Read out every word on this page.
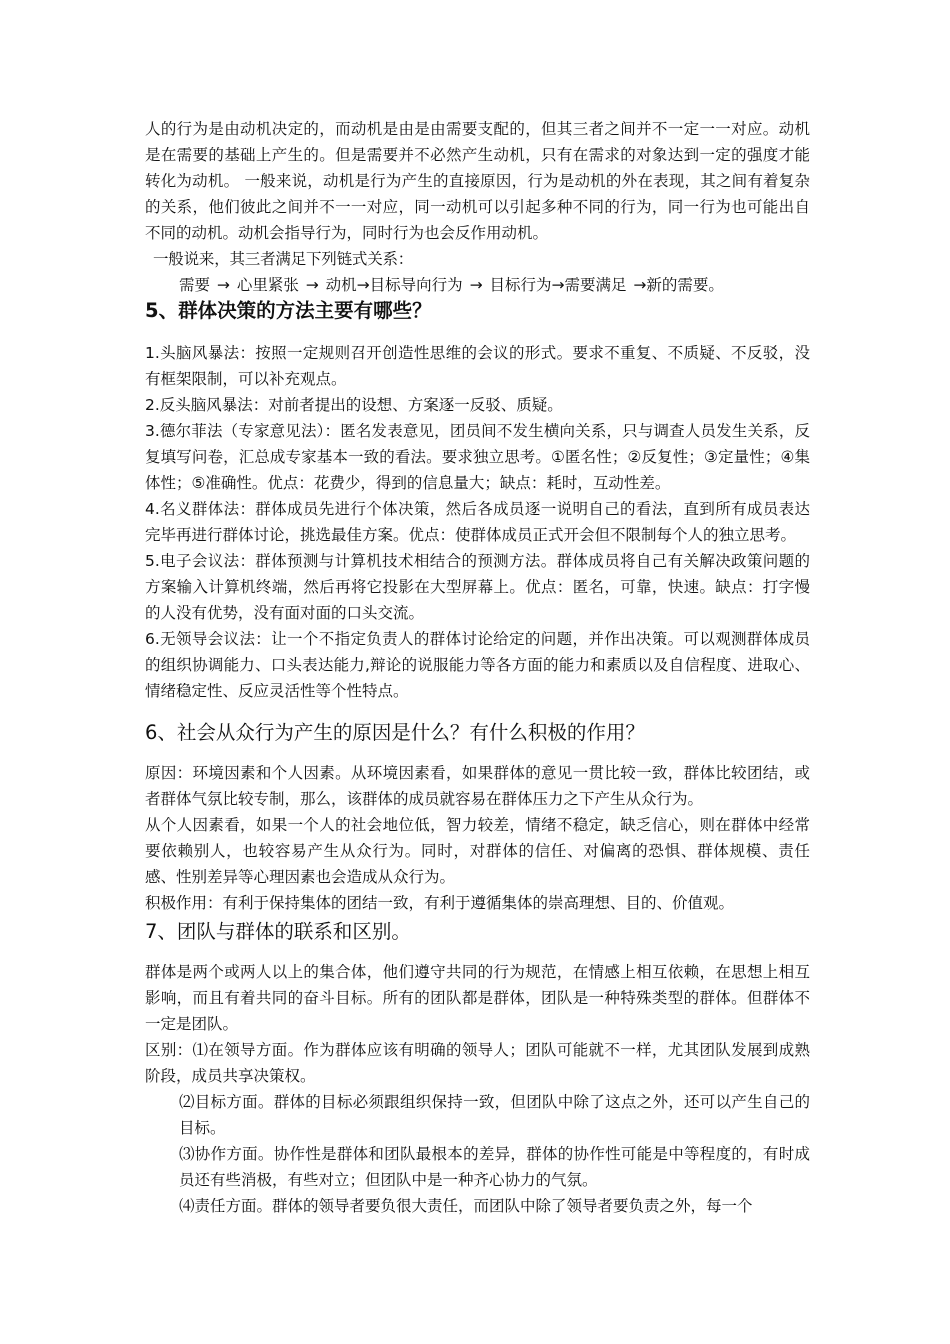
人的行为是由动机决定的，而动机是由是由需要支配的，但其三者之间并不一定一一对应。动机是在需要的基础上产生的。但是需要并不必然产生动机，只有在需求的对象达到一定的强度才能转化为动机。 一般来说，动机是行为产生的直接原因，行为是动机的外在表现，其之间有着复杂的关系，他们彼此之间并不一一对应，同一动机可以引起多种不同的行为，同一行为也可能出自不同的动机。动机会指导行为，同时行为也会反作用动机。

一般说来，其三者满足下列链式关系：

需要 → 心里紧张 → 动机→目标导向行为 → 目标行为→需要满足 →新的需要。

5、群体决策的方法主要有哪些？

1.头脑风暴法：按照一定规则召开创造性思维的会议的形式。要求不重复、不质疑、不反驳，没有框架限制，可以补充观点。

2.反头脑风暴法：对前者提出的设想、方案逐一反驳、质疑。

3.德尔菲法（专家意见法）：匿名发表意见，团员间不发生横向关系，只与调查人员发生关系，反复填写问卷，汇总成专家基本一致的看法。要求独立思考。①匿名性；②反复性；③定量性；④集体性；⑤准确性。优点：花费少，得到的信息量大；缺点：耗时，互动性差。

4.名义群体法：群体成员先进行个体决策，然后各成员逐一说明自己的看法，直到所有成员表达完毕再进行群体讨论，挑选最佳方案。优点：使群体成员正式开会但不限制每个人的独立思考。

5.电子会议法：群体预测与计算机技术相结合的预测方法。群体成员将自己有关解决政策问题的方案输入计算机终端，然后再将它投影在大型屏幕上。优点：匿名，可靠，快速。缺点：打字慢的人没有优势，没有面对面的口头交流。

6.无领导会议法：让一个不指定负责人的群体讨论给定的问题，并作出决策。可以观测群体成员的组织协调能力、口头表达能力,辩论的说服能力等各方面的能力和素质以及自信程度、进取心、情绪稳定性、反应灵活性等个性特点。

6、社会从众行为产生的原因是什么？有什么积极的作用？

原因：环境因素和个人因素。从环境因素看，如果群体的意见一贯比较一致，群体比较团结，或者群体气氛比较专制，那么，该群体的成员就容易在群体压力之下产生从众行为。

从个人因素看，如果一个人的社会地位低，智力较差，情绪不稳定，缺乏信心，则在群体中经常要依赖别人，也较容易产生从众行为。同时，对群体的信任、对偏离的恐惧、群体规模、责任感、性别差异等心理因素也会造成从众行为。

积极作用：有利于保持集体的团结一致，有利于遵循集体的崇高理想、目的、价值观。

7、团队与群体的联系和区别。

群体是两个或两人以上的集合体，他们遵守共同的行为规范，在情感上相互依赖，在思想上相互影响，而且有着共同的奋斗目标。所有的团队都是群体，团队是一种特殊类型的群体。但群体不一定是团队。

区别：⑴在领导方面。作为群体应该有明确的领导人；团队可能就不一样，尤其团队发展到成熟阶段，成员共享决策权。

⑵目标方面。群体的目标必须跟组织保持一致，但团队中除了这点之外，还可以产生自己的目标。

⑶协作方面。协作性是群体和团队最根本的差异，群体的协作性可能是中等程度的，有时成员还有些消极，有些对立；但团队中是一种齐心协力的气氛。

⑷责任方面。群体的领导者要负很大责任，而团队中除了领导者要负责之外，每一个
